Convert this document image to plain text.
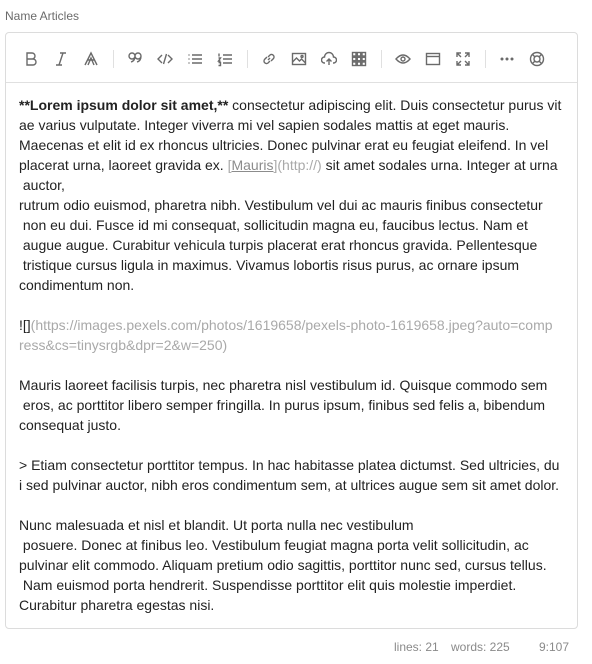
Name Articles
**Lorem ipsum dolor sit amet,** consectetur adipiscing elit. Duis consectetur purus vit
ae varius vulputate. Integer viverra mi vel sapien sodales mattis at eget mauris.
Maecenas et elit id ex rhoncus ultricies. Donec pulvinar erat eu feugiat eleifend. In vel
placerat urna, laoreet gravida ex. [Mauris](http://) sit amet sodales urna. Integer at urna
auctor,
rutrum odio euismod, pharetra nibh. Vestibulum vel dui ac mauris finibus consectetur
non eu dui. Fusce id mi consequat, sollicitudin magna eu, faucibus lectus. Nam et
augue augue. Curabitur vehicula turpis placerat erat rhoncus gravida. Pellentesque
tristique cursus ligula in maximus. Vivamus lobortis risus purus, ac ornare ipsum
condimentum non.
![](https://images.pexels.com/photos/1619658/pexels-photo-1619658.jpeg?auto=comp
ress&cs=tinysrgb&dpr=2&w=250)
Mauris laoreet facilisis turpis, nec pharetra nisl vestibulum id. Quisque commodo sem
eros, ac porttitor libero semper fringilla. In purus ipsum, finibus sed felis a, bibendum
consequat justo.
> Etiam consectetur porttitor tempus. In hac habitasse platea dictumst. Sed ultricies, du
i sed pulvinar auctor, nibh eros condimentum sem, at ultrices augue sem sit amet dolor.
Nunc malesuada et nisl et blandit. Ut porta nulla nec vestibulum
posuere. Donec at finibus leo. Vestibulum feugiat magna porta velit sollicitudin, ac
pulvinar elit commodo. Aliquam pretium odio sagittis, porttitor nunc sed, cursus tellus.
Nam euismod porta hendrerit. Suspendisse porttitor elit quis molestie imperdiet.
Curabitur pharetra egestas nisi.
lines: 21 words: 225 9:107
